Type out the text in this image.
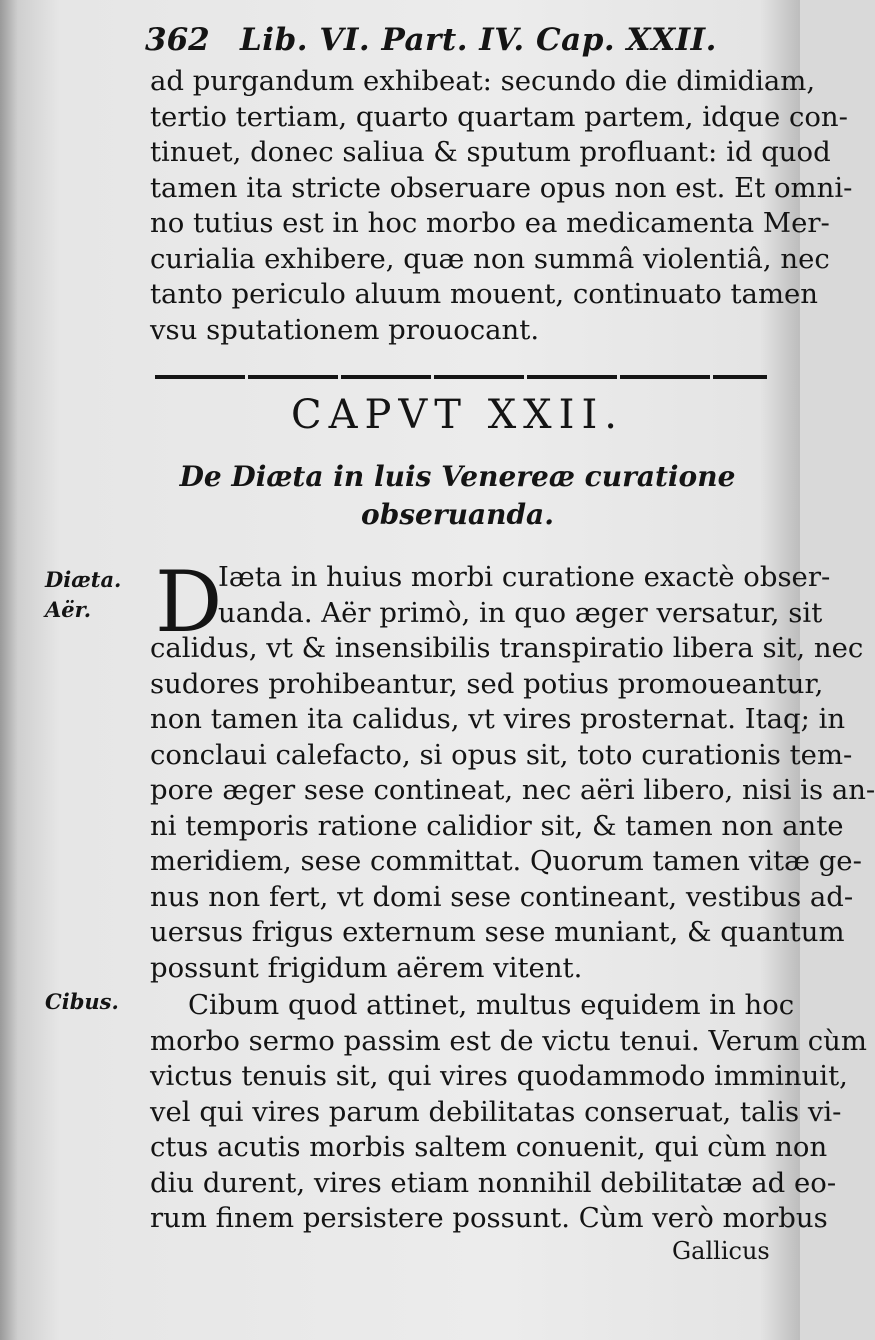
362 Lib. VI. Part. IV. Cap. XXII.
ad purgandum exhibeat: secundo die dimidiam,
tertio tertiam, quarto quartam partem, idque con-
tinuet, donec saliua & sputum profluant: id quod
tamen ita stricte obseruare opus non est. Et omni-
no tutius est in hoc morbo ea medicamenta Mer-
curialia exhibere, quæ non summâ violentiâ, nec
tanto periculo aluum mouent, continuato tamen
vsu sputationem prouocant.
CAPVT XXII.
De Diæta in luis Venereæ curatione
obseruanda.
Diæta.
Aër. D
Iæta in huius morbi curatione exactè obser-
uanda. Aër primò, in quo æger versatur, sit
calidus, vt & insensibilis transpiratio libera sit, nec
sudores prohibeantur, sed potius promoueantur,
non tamen ita calidus, vt vires prosternat. Itaq; in
conclaui calefacto, si opus sit, toto curationis tem-
pore æger sese contineat, nec aëri libero, nisi is an-
ni temporis ratione calidior sit, & tamen non ante
meridiem, sese committat. Quorum tamen vitæ ge-
nus non fert, vt domi sese contineant, vestibus ad-
uersus frigus externum sese muniant, & quantum
possunt frigidum aërem vitent.
Cibus.	Cibum quod attinet, multus equidem in hoc
morbo sermo passim est de victu tenui. Verum cùm
victus tenuis sit, qui vires quodammodo imminuit,
vel qui vires parum debilitatas conseruat, talis vi-
ctus acutis morbis saltem conuenit, qui cùm non
diu durent, vires etiam nonnihil debilitatæ ad eo-
rum finem persistere possunt. Cùm verò morbus
Gallicus
